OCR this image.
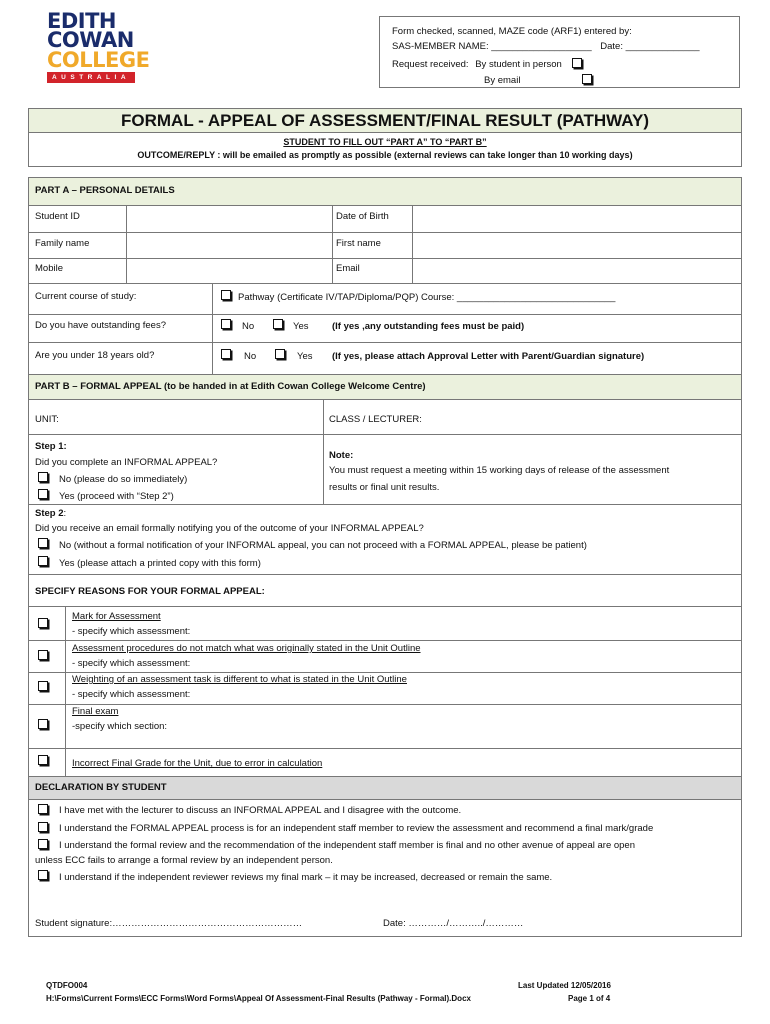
EDITH
COWAN
COLLEGE
AUSTRALIA
Form checked, scanned, MAZE code (ARF1) entered by:
SAS-MEMBER NAME: ___________________ Date: ______________
Request received: By student in person
By email
FORMAL - APPEAL OF ASSESSMENT/FINAL RESULT (PATHWAY)
STUDENT TO FILL OUT “PART A” TO “PART B”
OUTCOME/REPLY : will be emailed as promptly as possible (external reviews can take longer than 10 working days)
PART A – PERSONAL DETAILS
Student ID	Date of Birth
Family name	First name
Mobile	Email
Current course of study:	Pathway (Certificate IV/TAP/Diploma/PQP) Course: ______________________________
Do you have outstanding fees?	No	Yes (If yes ,any outstanding fees must be paid)
Are you under 18 years old?	No	Yes (If yes, please attach Approval Letter with Parent/Guardian signature)
PART B – FORMAL APPEAL (to be handed in at Edith Cowan College Welcome Centre)
UNIT:	CLASS / LECTURER:
Step 1:
Did you complete an INFORMAL APPEAL?
No (please do so immediately)
Yes (proceed with “Step 2”)
Note:
You must request a meeting within 15 working days of release of the assessment
results or final unit results.
Step 2:
Did you receive an email formally notifying you of the outcome of your INFORMAL APPEAL?
No (without a formal notification of your INFORMAL appeal, you can not proceed with a FORMAL APPEAL, please be patient)
Yes (please attach a printed copy with this form)
SPECIFY REASONS FOR YOUR FORMAL APPEAL:
Mark for Assessment
- specify which assessment:
Assessment procedures do not match what was originally stated in the Unit Outline
- specify which assessment:
Weighting of an assessment task is different to what is stated in the Unit Outline
- specify which assessment:
Final exam
-specify which section:
Incorrect Final Grade for the Unit, due to error in calculation
DECLARATION BY STUDENT
I have met with the lecturer to discuss an INFORMAL APPEAL and I disagree with the outcome.
I understand the FORMAL APPEAL process is for an independent staff member to review the assessment and recommend a final mark/grade
I understand the formal review and the recommendation of the independent staff member is final and no other avenue of appeal are open
unless ECC fails to arrange a formal review by an independent person.
I understand if the independent reviewer reviews my final mark – it may be increased, decreased or remain the same.
Student signature:……………………………………………………	Date: …………/………../…………
QTDFO004
H:\Forms\Current Forms\ECC Forms\Word Forms\Appeal Of Assessment-Final Results (Pathway - Formal).Docx
Last Updated 12/05/2016
Page 1 of 4
